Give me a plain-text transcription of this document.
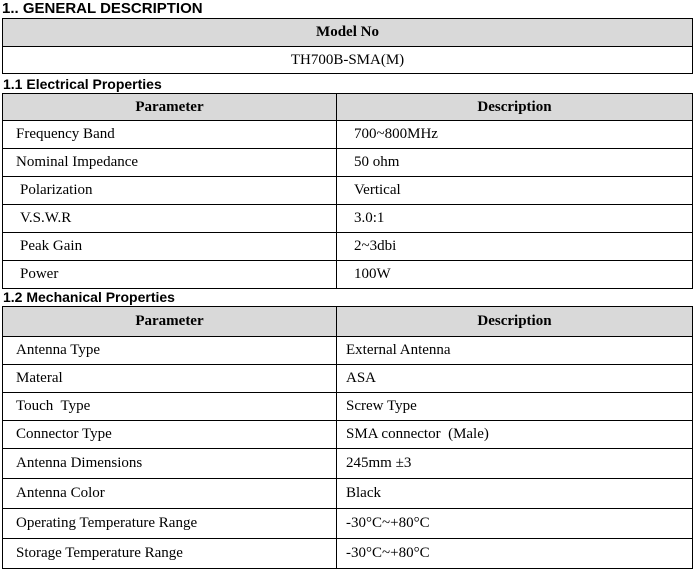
1.. GENERAL DESCRIPTION
Model No
TH700B-SMA(M)
1.1 Electrical Properties
Parameter	Description
Frequency Band	700~800MHz
Nominal Impedance	50 ohm
Polarization	Vertical
V.S.W.R	3.0:1
Peak Gain	2~3dbi
Power	100W
1.2 Mechanical Properties
Parameter	Description
Antenna Type	External Antenna
Materal	ASA
Touch  Type	Screw Type
Connector Type	SMA connector  (Male)
Antenna Dimensions	245mm ±3
Antenna Color	Black
Operating Temperature Range	-30°C~+80°C
Storage Temperature Range	-30°C~+80°C
